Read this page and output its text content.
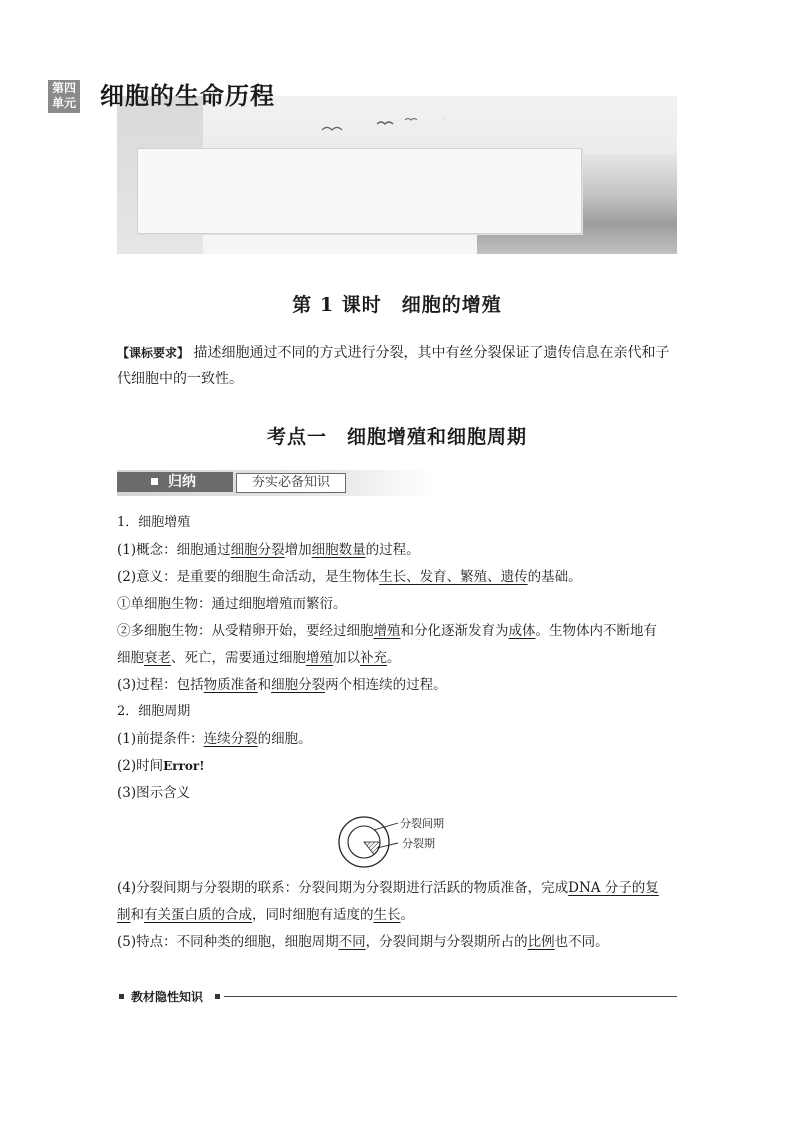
第四
单元 细胞的生命历程
第 1 课时　细胞的增殖
【课标要求】 描述细胞通过不同的方式进行分裂，其中有丝分裂保证了遗传信息在亲代和子
代细胞中的一致性。
考点一　细胞增殖和细胞周期
归纳	夯实必备知识
1．细胞增殖
(1)概念：细胞通过细胞分裂增加细胞数量的过程。
(2)意义：是重要的细胞生命活动，是生物体生长、发育、繁殖、遗传的基础。
①单细胞生物：通过细胞增殖而繁衍。
②多细胞生物：从受精卵开始，要经过细胞增殖和分化逐渐发育为成体。生物体内不断地有
细胞衰老、死亡，需要通过细胞增殖加以补充。
(3)过程：包括物质准备和细胞分裂两个相连续的过程。
2．细胞周期
(1)前提条件：连续分裂的细胞。
(2)时间Error!
(3)图示含义
分裂间期
分裂期
(4)分裂间期与分裂期的联系：分裂间期为分裂期进行活跃的物质准备，完成DNA 分子的复
制和有关蛋白质的合成，同时细胞有适度的生长。
(5)特点：不同种类的细胞，细胞周期不同，分裂间期与分裂期所占的比例也不同。
教材隐性知识
